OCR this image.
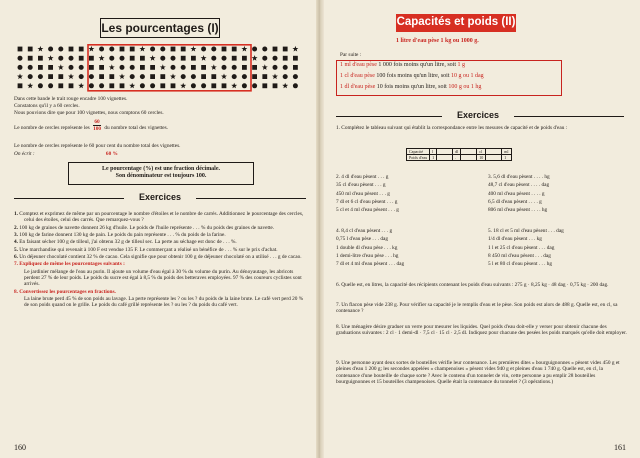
Les pourcentages (I)
Dans cette bande le trait rouge encadre 100 vignettes.
Constatons qu'il y a 60 cercles.
Nous pouvions dire que pour 100 vignettes, nous comptons 60 cercles.
Le nombre de cercles représente les $\frac{60}{100}$ du nombre total des vignettes.
Le nombre de cercles représente le 60 pour cent du nombre total des vignettes.
On écrit :	60 %
Le pourcentage (%) est une fraction décimale.
Son dénominateur est toujours 100.
Exercices
1. Comptez et exprimez de même par un pourcentage le nombre d'étoiles et le nombre de carrés. Additionnez le pourcentage des cercles, celui des étoiles, celui des carrés. Que remarquez-vous ?
2. 100 kg de graines de navette donnent 26 kg d'huile. Le poids de l'huile représente . . . % du poids des graines de navette.
3. 100 kg de farine donnent 130 kg de pain. Le poids du pain représente . . . % du poids de la farine.
4. En faisant sécher 100 g de tilleul, j'ai obtenu 32 g de tilleul sec. La perte au séchage est donc de . . . %.
5. Une marchandise qui revenait à 100 F est vendue 135 F. Le commerçant a réalisé un bénéfice de . . . % sur le prix d'achat.
6. Un déjeuner chocolaté contient 32 % de cacao. Cela signifie que pour obtenir 100 g de déjeuner chocolaté on a utilisé . . . g de cacao.
7. Expliquez de même les pourcentages suivants :
Le jardinier mélange de l'eau au purin. Il ajoute un volume d'eau égal à 30 % du volume du purin. Au dénoyautage, les abricots perdent 27 % de leur poids. Le poids du sucre est égal à 8,5 % du poids des betteraves employées. 97 % des coureurs cyclistes sont arrivés.
8. Convertissez les pourcentages en fractions.
La laine brute perd 45 % de son poids au lavage. La perte représente les ? ou les ? du poids de la laine brute. Le café vert perd 20 % de son poids quand on le grille. Le poids du café grillé représente les ? ou les ? du poids du café vert.
160
Capacités et poids (II)
1 litre d'eau pèse 1 kg ou 1000 g.
Par suite :
1 ml d'eau pèse 1 000 fois moins qu'un litre, soit 1 g
1 cl d'eau pèse 100 fois moins qu'un litre, soit 10 g ou 1 dag
1 dl d'eau pèse 10 fois moins qu'un litre, soit 100 g ou 1 hg
Exercices
1. Complétez le tableau suivant qui établit la correspondance entre les mesures de capacité et de poids d'eau :
Capacité	l		dl		cl		ml
Poids d'eau	1		.		10		1
2. 4 dl d'eau pèsent . . . g
35 cl d'eau pèsent . . . g
450 ml d'eau pèsent . . . g
7 dl et 6 cl d'eau pèsent . . . g
5 cl et 4 ml d'eau pèsent . . . g
3. 5,6 dl d'eau pèsent . . . . hg
48,7 cl d'eau pèsent . . . . dag
400 ml d'eau pèsent . . . . g
6,5 dl d'eau pèsent . . . . g
806 ml d'eau pèsent . . . . hg
4. 8,4 cl d'eau pèsent . . . g
0,75 l d'eau pèse . . . dag
1 double dl d'eau pèse . . . kg
1 demi-litre d'eau pèse . . . hg
7 dl et 4 ml d'eau pèsent . . . dag
5. 18 cl et 5 ml d'eau pèsent . . . dag
1/4 dl d'eau pèsent . . . kg
1 l et 25 cl d'eau pèsent . . . dag
8 450 ml d'eau pèsent . . . dag
5 l et 80 cl d'eau pèsent . . . hg
6. Quelle est, en litres, la capacité des récipients contenant les poids d'eau suivants : 275 g · 8,25 kg · 48 dag · 0,75 kg · 200 dag.
7. Un flacon pèse vide 238 g. Pour vérifier sa capacité je le remplis d'eau et le pèse. Son poids est alors de 488 g. Quelle est, en cl, sa contenance ?
8. Une ménagère désire graduer un verre pour mesurer les liquides. Quel poids d'eau doit-elle y verser pour obtenir chacune des graduations suivantes : 2 cl · 1 demi-dl · 7,5 cl · 15 cl · 2,5 dl. Indiquez pour chacune des pesées les poids marqués qu'elle doit employer.
9. Une personne ayant deux sortes de bouteilles vérifie leur contenance. Les premières dites « bourguignonnes » pèsent vides 450 g et pleines d'eau 1 200 g; les secondes appelées « champenoises » pèsent vides 940 g et pleines d'eau 1 740 g. Quelle est, en cl, la contenance d'une bouteille de chaque sorte ? Avec le contenu d'un tonnelet de vin, cette personne a pu emplir 28 bouteilles bourguignonnes et 15 bouteilles champenoises. Quelle était la contenance du tonnelet ? (3 opérations.)
161
